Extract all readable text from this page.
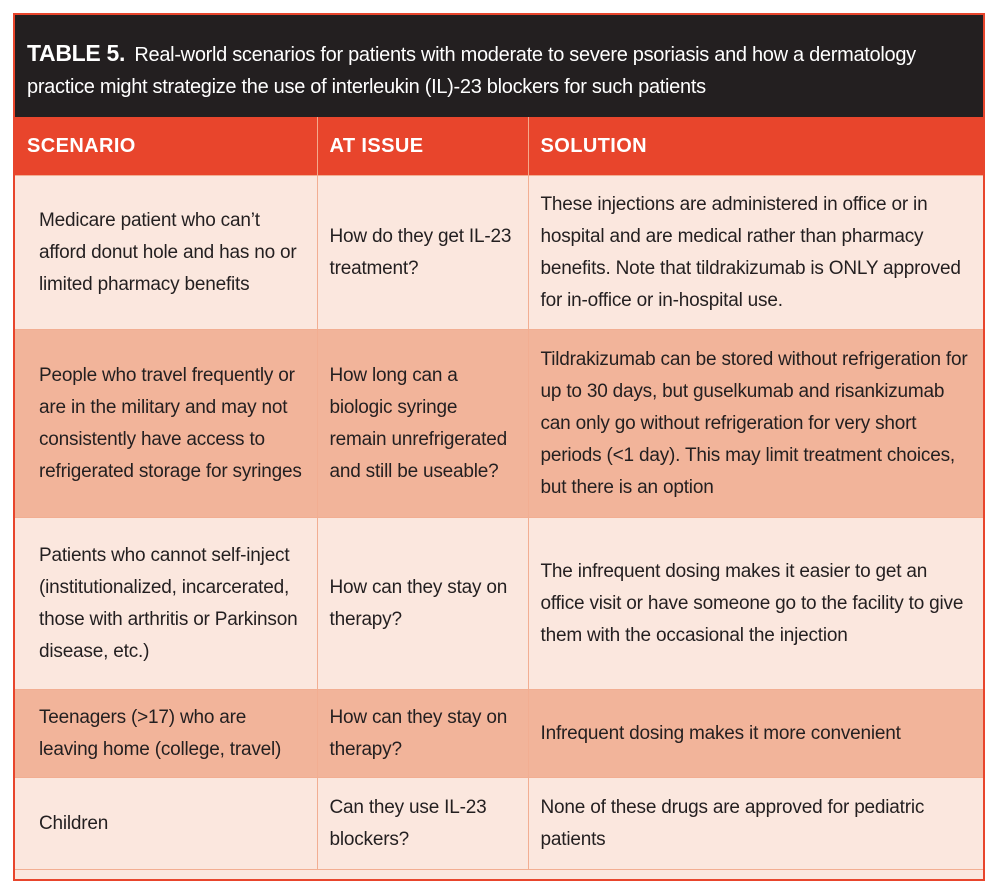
TABLE 5. Real-world scenarios for patients with moderate to severe psoriasis and how a dermatology practice might strategize the use of interleukin (IL)-23 blockers for such patients
SCENARIO	AT ISSUE	SOLUTION
Medicare patient who can’t afford donut hole and has no or limited pharmacy benefits	How do they get IL-23 treatment?	These injections are administered in office or in hospital and are medical rather than pharmacy benefits. Note that tildrakizumab is ONLY approved for in-office or in-hospital use.
People who travel frequently or are in the military and may not consistently have access to refrigerated storage for syringes	How long can a biologic syringe remain unrefrigerated and still be useable?	Tildrakizumab can be stored without refrigeration for up to 30 days, but guselkumab and risankizumab can only go without refrigeration for very short periods (<1 day). This may limit treatment choices, but there is an option
Patients who cannot self-inject (institutionalized, incarcerated, those with arthritis or Parkinson disease, etc.)	How can they stay on therapy?	The infrequent dosing makes it easier to get an office visit or have someone go to the facility to give them with the occasional the injection
Teenagers (>17) who are leaving home (college, travel)	How can they stay on therapy?	Infrequent dosing makes it more convenient
Children	Can they use IL-23 blockers?	None of these drugs are approved for pediatric patients
